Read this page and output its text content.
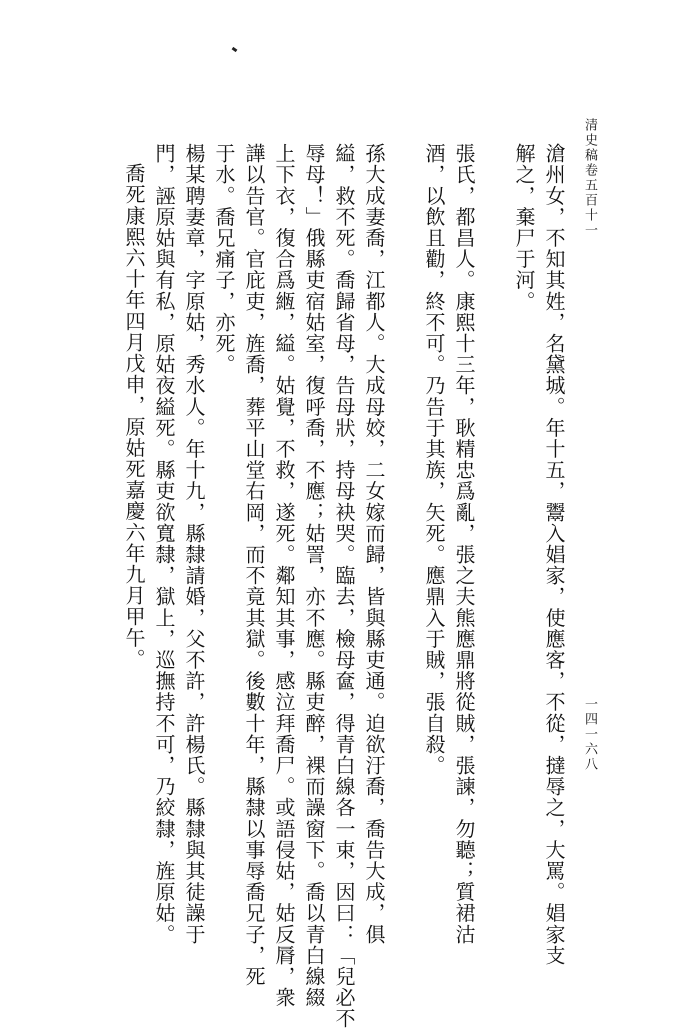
清史稿卷五百十一
一四一六八
滄州女，不知其姓，名黛城。年十五，鬻入娼家，使應客，不從，撻辱之，大罵。娼家支
解之，棄尸于河。
張氏，都昌人。康熙十三年，耿精忠爲亂，張之夫熊應鼎將從賊，張諫，勿聽；質裙沽
酒，以飲且勸，終不可。乃告于其族，矢死。應鼎入于賊，張自殺。
孫大成妻喬，江都人。大成母姣，二女嫁而歸，皆與縣吏通。迫欲汙喬，喬告大成，俱
縊，救不死。喬歸省母，告母狀，持母袂哭。臨去，檢母奩，得青白線各一束，因曰：「兒必不
辱母！」俄縣吏宿姑室，復呼喬，不應；姑詈，亦不應。縣吏醉，裸而譟窗下。喬以青白線綴
上下衣，復合爲緪，縊。姑覺，不救，遂死。鄰知其事，感泣拜喬尸。或語侵姑，姑反脣，衆
譁以告官。官庇吏，旌喬，葬平山堂右岡，而不竟其獄。後數十年，縣隸以事辱喬兄子，死
于水。喬兄痛子，亦死。
楊某聘妻章，字原姑，秀水人。年十九，縣隸請婚，父不許，許楊氏。縣隸與其徒譟于
門，誣原姑與有私，原姑夜縊死。縣吏欲寬隸，獄上，巡撫持不可，乃絞隸，旌原姑。
喬死康熙六十年四月戊申，原姑死嘉慶六年九月甲午。
